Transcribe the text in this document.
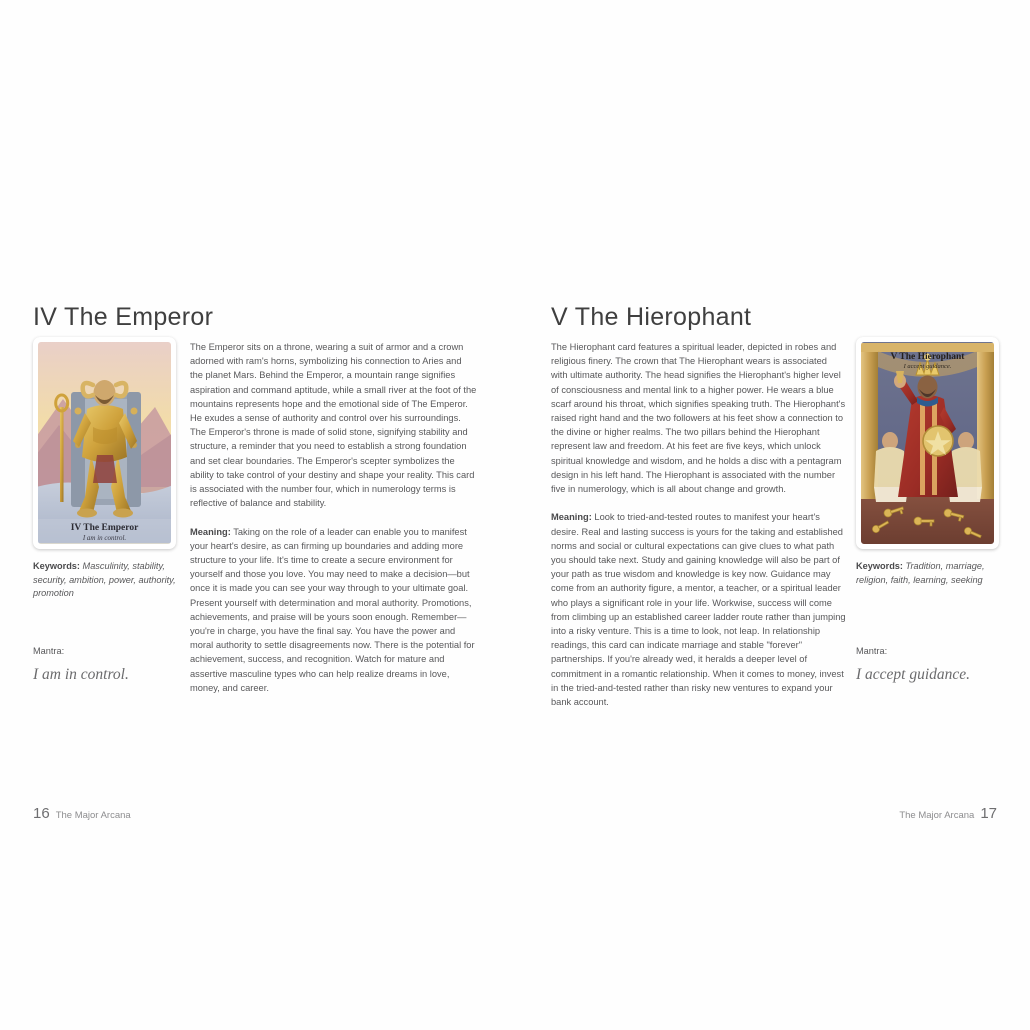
IV The Emperor
IV The Emperor
I am in control.

The Emperor sits on a throne, wearing a suit of armor and a crown adorned with ram's horns, symbolizing his connection to Aries and the planet Mars. Behind the Emperor, a mountain range signifies aspiration and command aptitude, while a small river at the foot of the mountains represents hope and the emotional side of The Emperor. He exudes a sense of authority and control over his surroundings. The Emperor's throne is made of solid stone, signifying stability and structure, a reminder that you need to establish a strong foundation and set clear boundaries. The Emperor's scepter symbolizes the ability to take control of your destiny and shape your reality. This card is associated with the number four, which in numerology terms is reflective of balance and stability.

Meaning: Taking on the role of a leader can enable you to manifest your heart's desire, as can firming up boundaries and adding more structure to your life. It's time to create a secure environment for yourself and those you love. You may need to make a decision—but once it is made you can see your way through to your ultimate goal. Present yourself with determination and moral authority. Promotions, achievements, and praise will be yours soon enough. Remember—you're in charge, you have the final say. You have the power and moral authority to settle disagreements now. There is the potential for achievement, success, and recognition. Watch for mature and assertive masculine types who can help realize dreams in love, money, and career.

Keywords: Masculinity, stability, security, ambition, power, authority, promotion
Mantra:
I am in control.
16 The Major Arcana
V The Hierophant

The Hierophant card features a spiritual leader, depicted in robes and religious finery. The crown that The Hierophant wears is associated with ultimate authority. The head signifies the Hierophant's higher level of consciousness and mental link to a higher power. He wears a blue scarf around his throat, which signifies speaking truth. The Hierophant's raised right hand and the two followers at his feet show a connection to the divine or higher realms. The two pillars behind the Hierophant represent law and freedom. At his feet are five keys, which unlock spiritual knowledge and wisdom, and he holds a disc with a pentagram design in his left hand. The Hierophant is associated with the number five in numerology, which is all about change and growth.

Meaning: Look to tried-and-tested routes to manifest your heart's desire. Real and lasting success is yours for the taking and established norms and social or cultural expectations can give clues to what path you should take next. Study and gaining knowledge will also be part of your path as true wisdom and knowledge is key now. Guidance may come from an authority figure, a mentor, a teacher, or a spiritual leader who plays a significant role in your life. Workwise, success will come from climbing up an established career ladder route rather than jumping into a risky venture. This is a time to look, not leap. In relationship readings, this card can indicate marriage and stable "forever" partnerships. If you're already wed, it heralds a deeper level of commitment in a romantic relationship. When it comes to money, invest in the tried-and-tested rather than risky new ventures to expand your bank account.

V The Hierophant
I accept guidance.
Keywords: Tradition, marriage, religion, faith, learning, seeking
Mantra:
I accept guidance.
The Major Arcana 17
